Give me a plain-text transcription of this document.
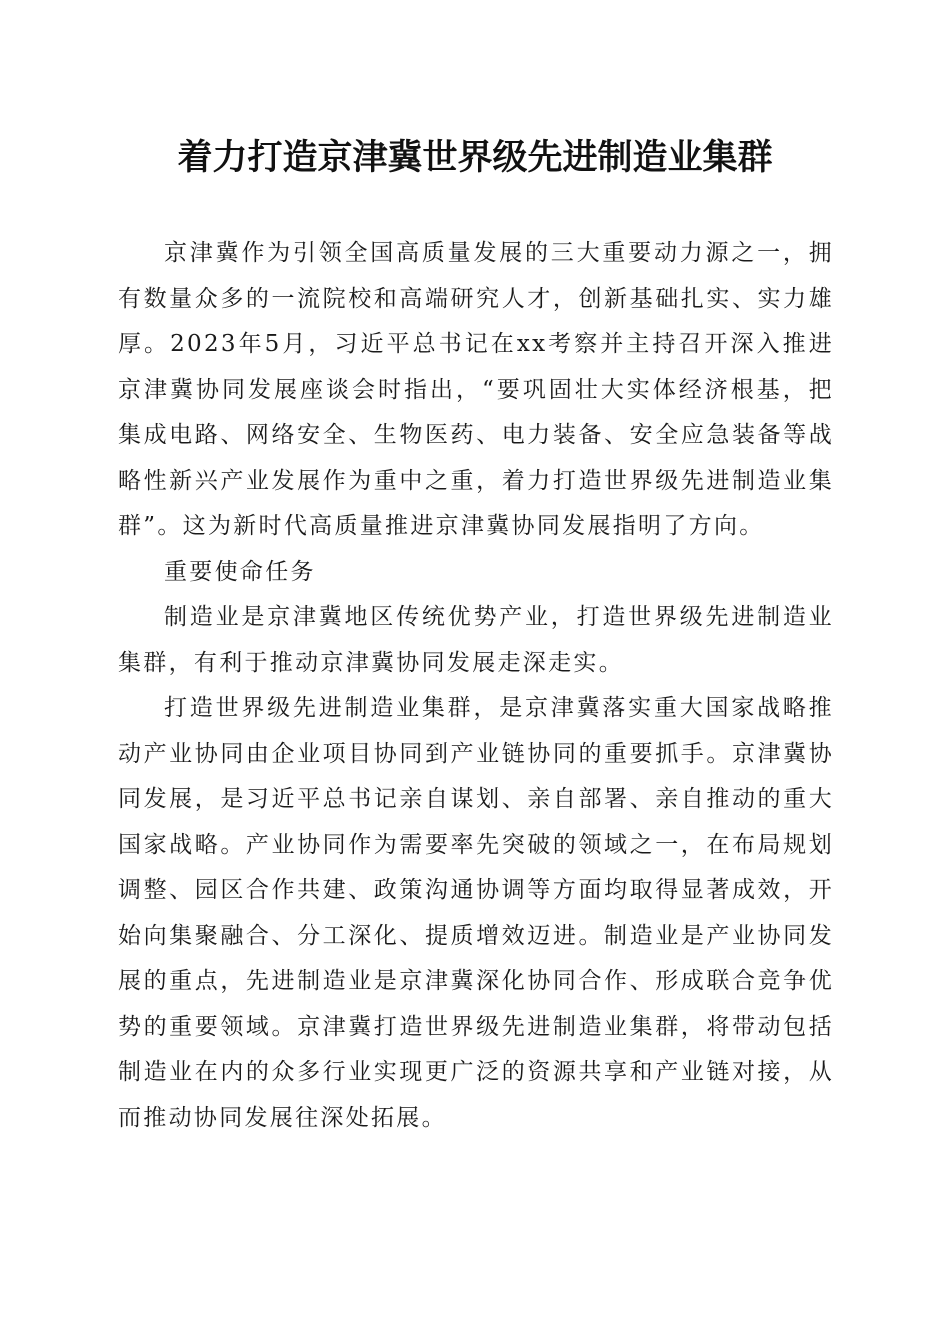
着力打造京津冀世界级先进制造业集群

京津冀作为引领全国高质量发展的三大重要动力源之一，拥有数量众多的一流院校和高端研究人才，创新基础扎实、实力雄厚。2023年5月，习近平总书记在xx考察并主持召开深入推进京津冀协同发展座谈会时指出，“要巩固壮大实体经济根基，把集成电路、网络安全、生物医药、电力装备、安全应急装备等战略性新兴产业发展作为重中之重，着力打造世界级先进制造业集群”。这为新时代高质量推进京津冀协同发展指明了方向。

重要使命任务

制造业是京津冀地区传统优势产业，打造世界级先进制造业集群，有利于推动京津冀协同发展走深走实。

打造世界级先进制造业集群，是京津冀落实重大国家战略推动产业协同由企业项目协同到产业链协同的重要抓手。京津冀协同发展，是习近平总书记亲自谋划、亲自部署、亲自推动的重大国家战略。产业协同作为需要率先突破的领域之一，在布局规划调整、园区合作共建、政策沟通协调等方面均取得显著成效，开始向集聚融合、分工深化、提质增效迈进。制造业是产业协同发展的重点，先进制造业是京津冀深化协同合作、形成联合竞争优势的重要领域。京津冀打造世界级先进制造业集群，将带动包括制造业在内的众多行业实现更广泛的资源共享和产业链对接，从而推动协同发展往深处拓展。
